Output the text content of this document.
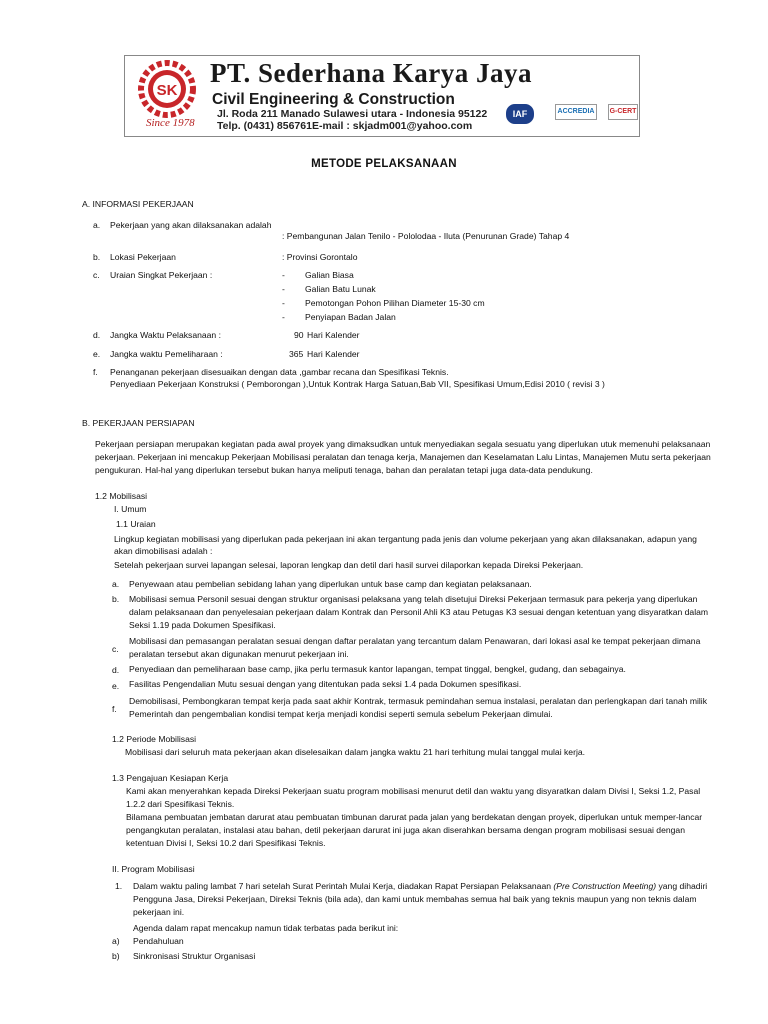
SK
Since 1978
PT. Sederhana Karya Jaya
Civil Engineering & Construction
Jl. Roda 211 Manado Sulawesi utara - Indonesia 95122
Telp. (0431) 856761E-mail : skjadm001@yahoo.com
IAF	ACCREDIA	G-CERT
METODE PELAKSANAAN
A. INFORMASI PEKERJAAN
a. Pekerjaan yang akan dilaksanakan adalah
: Pembangunan Jalan Tenilo - Pololodaa - Iluta (Penurunan Grade) Tahap 4
b. Lokasi Pekerjaan	: Provinsi Gorontalo
c. Uraian Singkat Pekerjaan :	- Galian Biasa
- Galian Batu Lunak
- Pemotongan Pohon Pilihan Diameter 15-30 cm
- Penyiapan Badan Jalan
d. Jangka Waktu Pelaksanaan :	90 Hari Kalender
e. Jangka waktu Pemeliharaan :	365 Hari Kalender
f. Penanganan pekerjaan disesuaikan dengan data ,gambar recana dan Spesifikasi Teknis.
Penyediaan Pekerjaan Konstruksi ( Pemborongan ),Untuk Kontrak Harga Satuan,Bab VII, Spesifikasi Umum,Edisi 2010 ( revisi 3 )
B. PEKERJAAN PERSIAPAN
Pekerjaan persiapan merupakan kegiatan pada awal proyek yang dimaksudkan untuk menyediakan segala sesuatu yang diperlukan utuk memenuhi pelaksanaan
pekerjaan. Pekerjaan ini mencakup Pekerjaan Mobilisasi peralatan dan tenaga kerja, Manajemen dan Keselamatan Lalu Lintas, Manajemen Mutu serta pekerjaan
pengukuran. Hal-hal yang diperlukan tersebut bukan hanya meliputi tenaga, bahan dan peralatan tetapi juga data-data pendukung.
1.2 Mobilisasi
I. Umum
1.1 Uraian
Lingkup kegiatan mobilisasi yang diperlukan pada pekerjaan ini akan tergantung pada jenis dan volume pekerjaan yang akan dilaksanakan, adapun yang
akan dimobilisasi adalah :
Setelah pekerjaan survei lapangan selesai, laporan lengkap dan detil dari hasil survei dilaporkan kepada Direksi Pekerjaan.
a. Penyewaan atau pembelian sebidang lahan yang diperlukan untuk base camp dan kegiatan pelaksanaan.
b. Mobilisasi semua Personil sesuai dengan struktur organisasi pelaksana yang telah disetujui Direksi Pekerjaan termasuk para pekerja yang diperlukan
dalam pelaksanaan dan penyelesaian pekerjaan dalam Kontrak dan Personil Ahli K3 atau Petugas K3 sesuai dengan ketentuan yang disyaratkan dalam
Seksi 1.19 pada Dokumen Spesifikasi.
c.
Mobilisasi dan pemasangan peralatan sesuai dengan daftar peralatan yang tercantum dalam Penawaran, dari lokasi asal ke tempat pekerjaan dimana
peralatan tersebut akan digunakan menurut pekerjaan ini.
d. Penyediaan dan pemeliharaan base camp, jika perlu termasuk kantor lapangan, tempat tinggal, bengkel, gudang, dan sebagainya.
e. Fasilitas Pengendalian Mutu sesuai dengan yang ditentukan pada seksi 1.4 pada Dokumen spesifikasi.
f.
Demobilisasi, Pembongkaran tempat kerja pada saat akhir Kontrak, termasuk pemindahan semua instalasi, peralatan dan perlengkapan dari tanah milik
Pemerintah dan pengembalian kondisi tempat kerja menjadi kondisi seperti semula sebelum Pekerjaan dimulai.
1.2 Periode Mobilisasi
Mobilisasi dari seluruh mata pekerjaan akan diselesaikan dalam jangka waktu 21 hari terhitung mulai tanggal mulai kerja.
1.3 Pengajuan Kesiapan Kerja
Kami akan menyerahkan kepada Direksi Pekerjaan suatu program mobilisasi menurut detil dan waktu yang disyaratkan dalam Divisi I, Seksi 1.2, Pasal
1.2.2 dari Spesifikasi Teknis.
Bilamana pembuatan jembatan darurat atau pembuatan timbunan darurat pada jalan yang berdekatan dengan proyek, diperlukan untuk memper-lancar
pengangkutan peralatan, instalasi atau bahan, detil pekerjaan darurat ini juga akan diserahkan bersama dengan program mobilisasi sesuai dengan
ketentuan Divisi I, Seksi 10.2 dari Spesifikasi Teknis.
II. Program Mobilisasi
1. Dalam waktu paling lambat 7 hari setelah Surat Perintah Mulai Kerja, diadakan Rapat Persiapan Pelaksanaan (Pre Construction Meeting) yang dihadiri
Pengguna Jasa, Direksi Pekerjaan, Direksi Teknis (bila ada), dan kami untuk membahas semua hal baik yang teknis maupun yang non teknis dalam
pekerjaan ini.
Agenda dalam rapat mencakup namun tidak terbatas pada berikut ini:
a) Pendahuluan
b) Sinkronisasi Struktur Organisasi
